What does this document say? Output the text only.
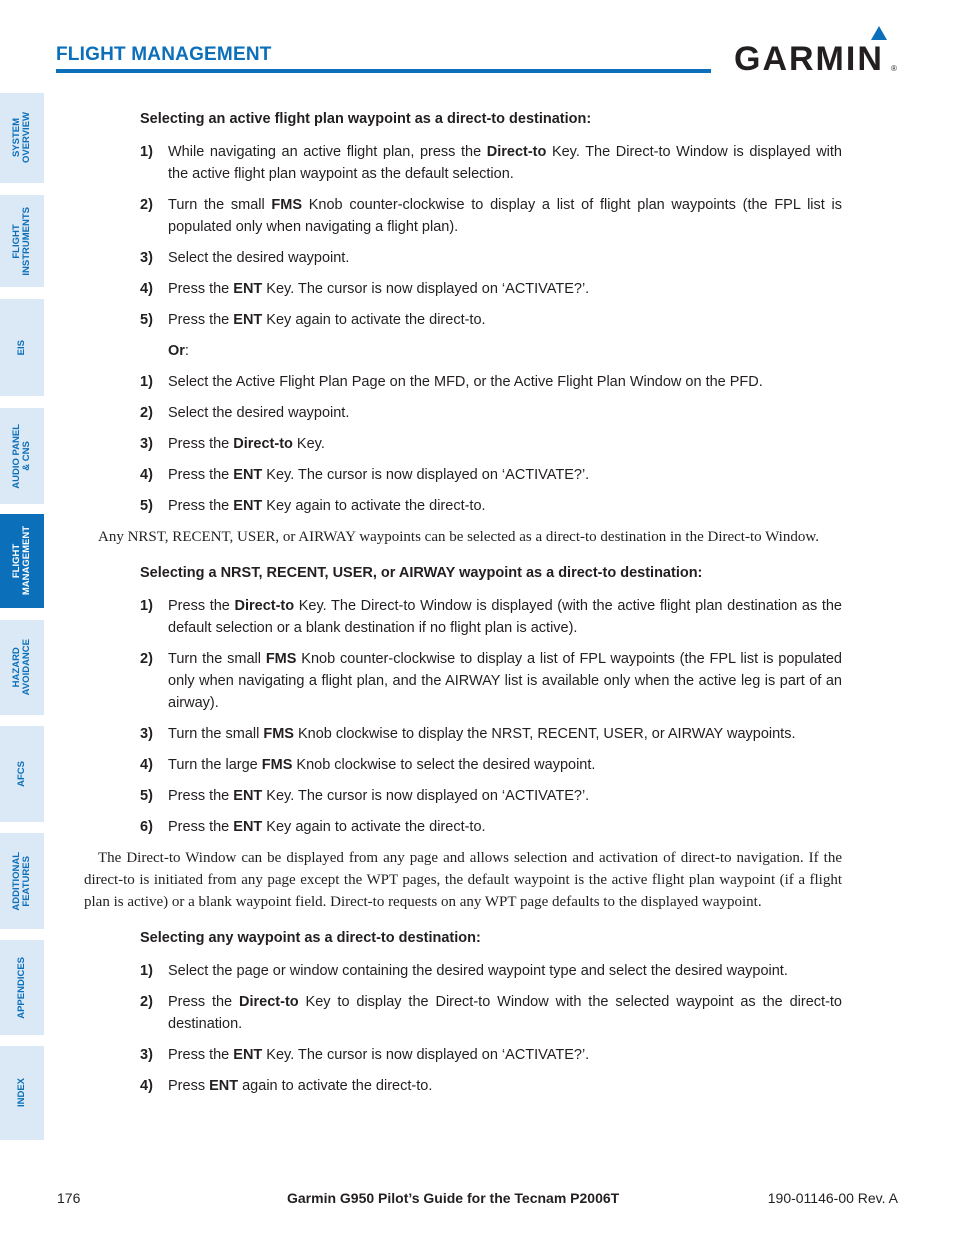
FLIGHT MANAGEMENT	GARMIN ®
SYSTEM
OVERVIEW
FLIGHT
INSTRUMENTS
EIS
AUDIO PANEL
& CNS
FLIGHT
MANAGEMENT
HAZARD
AVOIDANCE
AFCS
ADDITIONAL
FEATURES
APPENDICES
INDEX
Selecting an active flight plan waypoint as a direct-to destination:
1) While navigating an active flight plan, press the Direct-to Key. The Direct-to Window is displayed with the active flight plan waypoint as the default selection.
2) Turn the small FMS Knob counter-clockwise to display a list of flight plan waypoints (the FPL list is populated only when navigating a flight plan).
3) Select the desired waypoint.
4) Press the ENT Key. The cursor is now displayed on ‘ACTIVATE?’.
5) Press the ENT Key again to activate the direct-to.
Or:
1) Select the Active Flight Plan Page on the MFD, or the Active Flight Plan Window on the PFD.
2) Select the desired waypoint.
3) Press the Direct-to Key.
4) Press the ENT Key. The cursor is now displayed on ‘ACTIVATE?’.
5) Press the ENT Key again to activate the direct-to.
Any NRST, RECENT, USER, or AIRWAY waypoints can be selected as a direct-to destination in the Direct-to Window.
Selecting a NRST, RECENT, USER, or AIRWAY waypoint as a direct-to destination:
1) Press the Direct-to Key. The Direct-to Window is displayed (with the active flight plan destination as the default selection or a blank destination if no flight plan is active).
2) Turn the small FMS Knob counter-clockwise to display a list of FPL waypoints (the FPL list is populated only when navigating a flight plan, and the AIRWAY list is available only when the active leg is part of an airway).
3) Turn the small FMS Knob clockwise to display the NRST, RECENT, USER, or AIRWAY waypoints.
4) Turn the large FMS Knob clockwise to select the desired waypoint.
5) Press the ENT Key. The cursor is now displayed on ‘ACTIVATE?’.
6) Press the ENT Key again to activate the direct-to.
The Direct-to Window can be displayed from any page and allows selection and activation of direct-to navigation. If the direct-to is initiated from any page except the WPT pages, the default waypoint is the active flight plan waypoint (if a flight plan is active) or a blank waypoint field. Direct-to requests on any WPT page defaults to the displayed waypoint.
Selecting any waypoint as a direct-to destination:
1) Select the page or window containing the desired waypoint type and select the desired waypoint.
2) Press the Direct-to Key to display the Direct-to Window with the selected waypoint as the direct-to destination.
3) Press the ENT Key. The cursor is now displayed on ‘ACTIVATE?’.
4) Press ENT again to activate the direct-to.
176	Garmin G950 Pilot’s Guide for the Tecnam P2006T	190-01146-00 Rev. A
